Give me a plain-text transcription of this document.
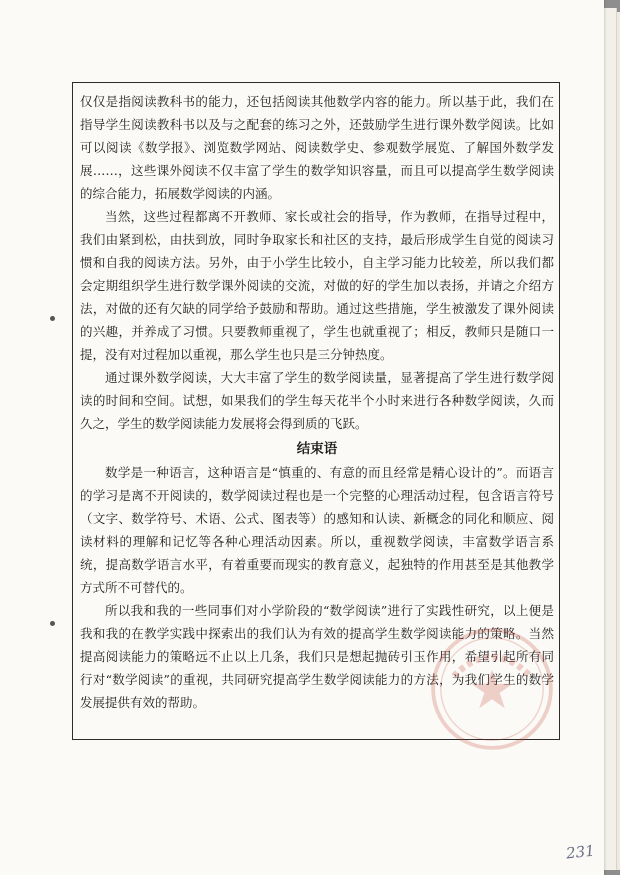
仅仅是指阅读教科书的能力，还包括阅读其他数学内容的能力。所以基于此，我们在指导学生阅读教科书以及与之配套的练习之外，还鼓励学生进行课外数学阅读。比如可以阅读《数学报》、浏览数学网站、阅读数学史、参观数学展览、了解国外数学发展……，这些课外阅读不仅丰富了学生的数学知识容量，而且可以提高学生数学阅读的综合能力，拓展数学阅读的内涵。

当然，这些过程都离不开教师、家长或社会的指导，作为教师，在指导过程中，我们由紧到松，由扶到放，同时争取家长和社区的支持，最后形成学生自觉的阅读习惯和自我的阅读方法。另外，由于小学生比较小，自主学习能力比较差，所以我们都会定期组织学生进行数学课外阅读的交流，对做的好的学生加以表扬，并请之介绍方法，对做的还有欠缺的同学给予鼓励和帮助。通过这些措施，学生被激发了课外阅读的兴趣，并养成了习惯。只要教师重视了，学生也就重视了；相反，教师只是随口一提，没有对过程加以重视，那么学生也只是三分钟热度。

通过课外数学阅读，大大丰富了学生的数学阅读量，显著提高了学生进行数学阅读的时间和空间。试想，如果我们的学生每天花半个小时来进行各种数学阅读，久而久之，学生的数学阅读能力发展将会得到质的飞跃。

结束语

数学是一种语言，这种语言是“慎重的、有意的而且经常是精心设计的”。而语言的学习是离不开阅读的，数学阅读过程也是一个完整的心理活动过程，包含语言符号（文字、数学符号、术语、公式、图表等）的感知和认读、新概念的同化和顺应、阅读材料的理解和记忆等各种心理活动因素。所以，重视数学阅读，丰富数学语言系统，提高数学语言水平，有着重要而现实的教育意义，起独特的作用甚至是其他教学方式所不可替代的。

所以我和我的一些同事们对小学阶段的“数学阅读”进行了实践性研究，以上便是我和我的在教学实践中探索出的我们认为有效的提高学生数学阅读能力的策略。当然提高阅读能力的策略远不止以上几条，我们只是想起抛砖引玉作用，希望引起所有同行对“数学阅读”的重视，共同研究提高学生数学阅读能力的方法，为我们学生的数学发展提供有效的帮助。

231
